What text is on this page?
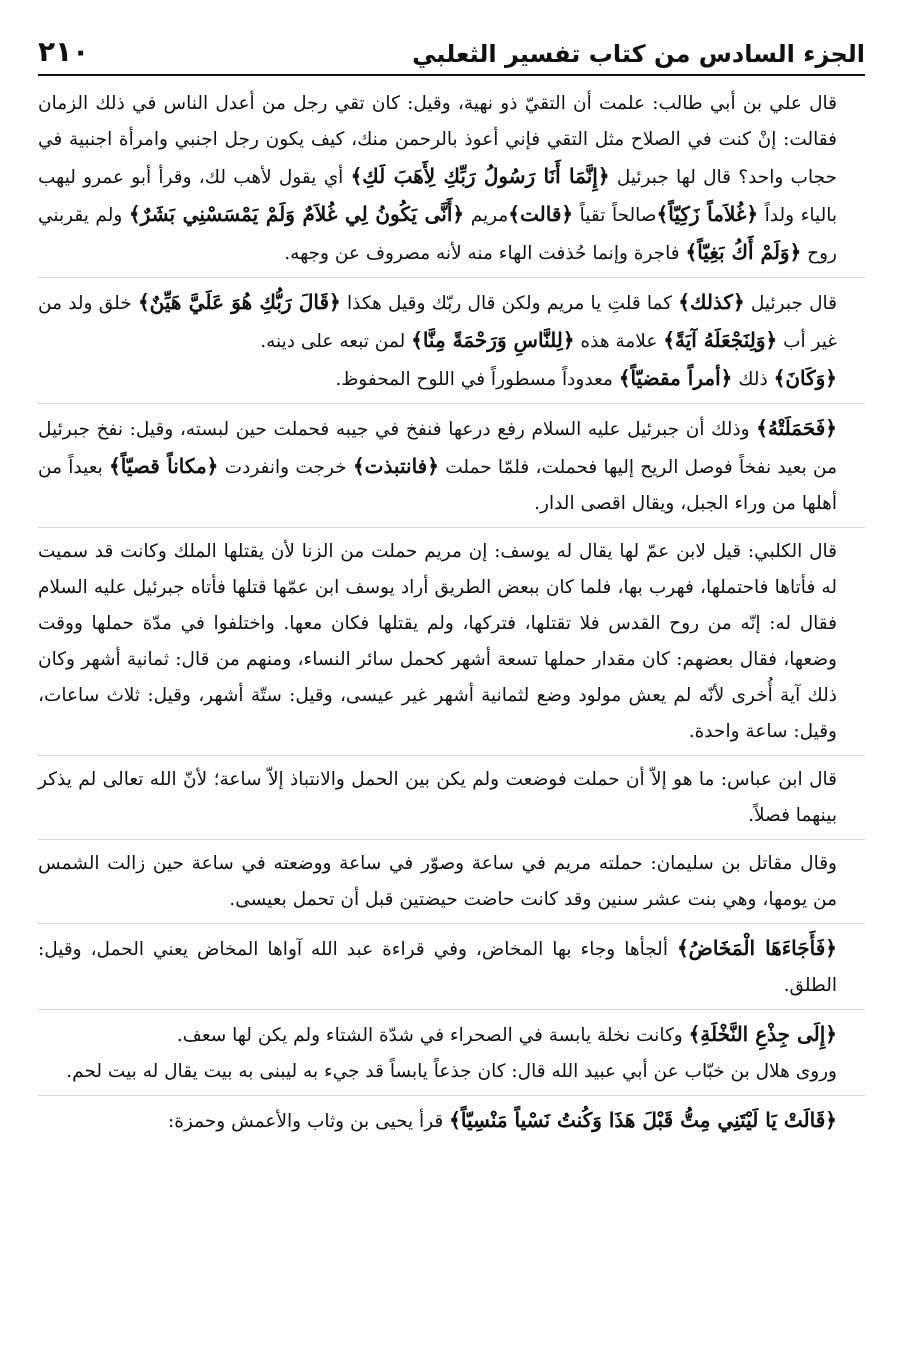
الجزء السادس من كتاب تفسير الثعلبي
٢١٠

قال علي بن أبي طالب: علمت أن التقيّ ذو نهية، وقيل: كان تقي رجل من أعدل الناس في ذلك الزمان فقالت: إنْ كنت في الصلاح مثل التقي فإني أعوذ بالرحمن منك، كيف يكون رجل اجنبي وامرأة اجنبية في حجاب واحد؟ قال لها جبرئيل ﴿إِنَّمَا أَنَا رَسُولُ رَبِّكِ لِأَهَبَ لَكِ﴾ أي يقول لأهب لك، وقرأ أبو عمرو ليهب بالياء ولداً ﴿غُلاَماً زَكِيّاً﴾صالحاً تقياً ﴿قالت﴾مريم ﴿أَنَّى يَكُونُ لِي غُلاَمٌ وَلَمْ يَمْسَسْنِي بَشَرٌ﴾ ولم يقربني روح ﴿وَلَمْ أَكُ بَغِيّاً﴾ فاجرة وإنما حُذفت الهاء منه لأنه مصروف عن وجهه.

قال جبرئيل ﴿كذلك﴾ كما قلتِ يا مريم ولكن قال ربّك وقيل هكذا ﴿قَالَ رَبُّكِ هُوَ عَلَيَّ هَيِّنٌ﴾ خلق ولد من غير أب ﴿وَلِنَجْعَلَهُ آيَةً﴾ علامة هذه ﴿لِلنَّاسِ وَرَحْمَةً مِنَّا﴾ لمن تبعه على دينه.
﴿وَكَانَ﴾ ذلك ﴿أمراً مقضيّاً﴾ معدوداً مسطوراً في اللوح المحفوظ.

﴿فَحَمَلَتْهُ﴾ وذلك أن جبرئيل عليه السلام رفع درعها فنفخ في جيبه فحملت حين لبسته، وقيل: نفخ جبرئيل من بعيد نفخاً فوصل الريح إليها فحملت، فلمّا حملت ﴿فانتبذت﴾ خرجت وانفردت ﴿مكاناً قصيّاً﴾ بعيداً من أهلها من وراء الجبل، ويقال اقصى الدار.

قال الكلبي: قيل لابن عمّ لها يقال له يوسف: إن مريم حملت من الزنا لأن يقتلها الملك وكانت قد سميت له فأتاها فاحتملها، فهرب بها، فلما كان ببعض الطريق أراد يوسف ابن عمّها قتلها فأتاه جبرئيل عليه السلام فقال له: إنّه من روح القدس فلا تقتلها، فتركها، ولم يقتلها فكان معها. واختلفوا في مدّة حملها ووقت وضعها، فقال بعضهم: كان مقدار حملها تسعة أشهر كحمل سائر النساء، ومنهم من قال: ثمانية أشهر وكان ذلك آية أُخرى لأنّه لم يعش مولود وضع لثمانية أشهر غير عيسى، وقيل: ستّة أشهر، وقيل: ثلاث ساعات، وقيل: ساعة واحدة.

قال ابن عباس: ما هو إلاّ أن حملت فوضعت ولم يكن بين الحمل والانتباذ إلاّ ساعة؛ لأنّ الله تعالى لم يذكر بينهما فصلاً.

وقال مقاتل بن سليمان: حملته مريم في ساعة وصوّر في ساعة ووضعته في ساعة حين زالت الشمس من يومها، وهي بنت عشر سنين وقد كانت حاضت حيضتين قبل أن تحمل بعيسى.

﴿فَأَجَاءَهَا الْمَخَاضُ﴾ ألجأها وجاء بها المخاض، وفي قراءة عبد الله آواها المخاض يعني الحمل، وقيل: الطلق.

﴿إِلَى جِذْعِ النَّخْلَةِ﴾ وكانت نخلة يابسة في الصحراء في شدّة الشتاء ولم يكن لها سعف.
وروى هلال بن خبّاب عن أبي عبيد الله قال: كان جذعاً يابساً قد جيء به ليبنى به بيت يقال له بيت لحم.

﴿قَالَتْ يَا لَيْتَنِي مِتُّ قَبْلَ هَذَا وَكُنتُ نَسْياً مَنْسِيّاً﴾ قرأ يحيى بن وثاب والأعمش وحمزة:
